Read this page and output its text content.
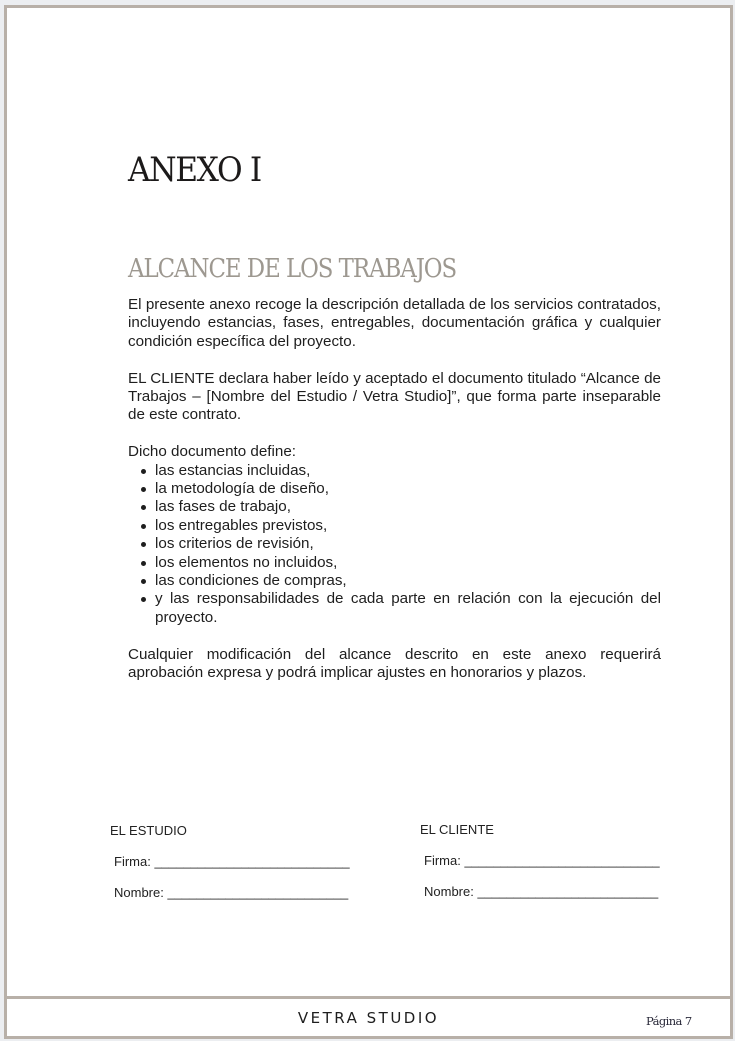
ANEXO I
ALCANCE DE LOS TRABAJOS

El presente anexo recoge la descripción detallada de los servicios contratados, incluyendo estancias, fases, entregables, documentación gráfica y cualquier condición específica del proyecto.

EL CLIENTE declara haber leído y aceptado el documento titulado “Alcance de Trabajos – [Nombre del Estudio / Vetra Studio]”, que forma parte inseparable de este contrato.

Dicho documento define:

las estancias incluidas,
la metodología de diseño,
las fases de trabajo,
los entregables previstos,
los criterios de revisión,
los elementos no incluidos,
las condiciones de compras,
y las responsabilidades de cada parte en relación con la ejecución del proyecto.

Cualquier modificación del alcance descrito en este anexo requerirá aprobación expresa y podrá implicar ajustes en honorarios y plazos.

EL ESTUDIO
Firma: ___________________________
Nombre: _________________________
EL CLIENTE
Firma: ___________________________
Nombre: _________________________
VETRA STUDIO	Página 7
